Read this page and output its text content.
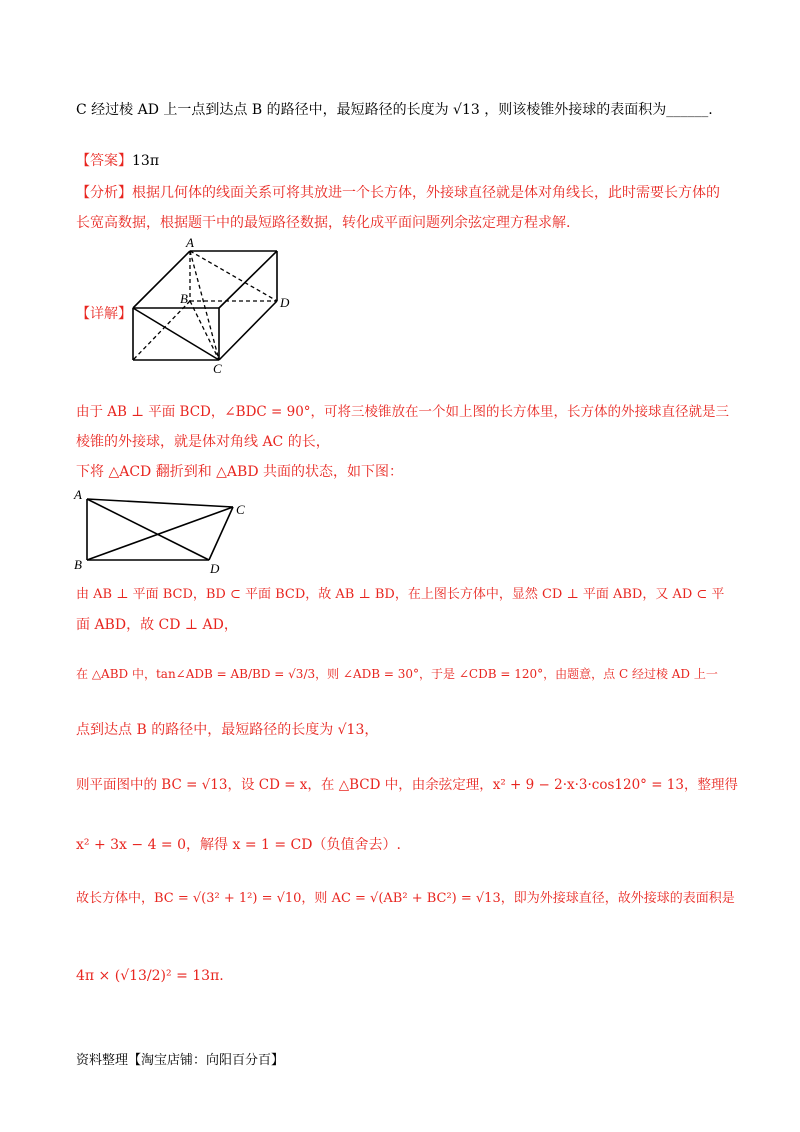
C 经过棱 AD 上一点到达点 B 的路径中，最短路径的长度为 √13 ，则该棱锥外接球的表面积为______.
【答案】13π
【分析】根据几何体的线面关系可将其放进一个长方体，外接球直径就是体对角线长，此时需要长方体的
长宽高数据，根据题干中的最短路径数据，转化成平面问题列余弦定理方程求解.
【详解】
A
B	D
C
由于 AB ⊥ 平面 BCD，∠BDC = 90°，可将三棱锥放在一个如上图的长方体里，长方体的外接球直径就是三
棱锥的外接球，就是体对角线 AC 的长，
下将 △ACD 翻折到和 △ABD 共面的状态，如下图：
A
C
B	D
由 AB ⊥ 平面 BCD，BD ⊂ 平面 BCD，故 AB ⊥ BD，在上图长方体中，显然 CD ⊥ 平面 ABD，又 AD ⊂ 平
面 ABD，故 CD ⊥ AD，
在 △ABD 中，tan∠ADB = AB/BD = √3/3，则 ∠ADB = 30°，于是 ∠CDB = 120°，由题意，点 C 经过棱 AD 上一
点到达点 B 的路径中，最短路径的长度为 √13，
则平面图中的 BC = √13，设 CD = x，在 △BCD 中，由余弦定理，x² + 9 − 2·x·3·cos120° = 13，整理得
x² + 3x − 4 = 0，解得 x = 1 = CD（负值舍去）.
故长方体中，BC = √(3² + 1²) = √10，则 AC = √(AB² + BC²) = √13，即为外接球直径，故外接球的表面积是
4π × (√13/2)² = 13π.
资料整理【淘宝店铺：向阳百分百】
